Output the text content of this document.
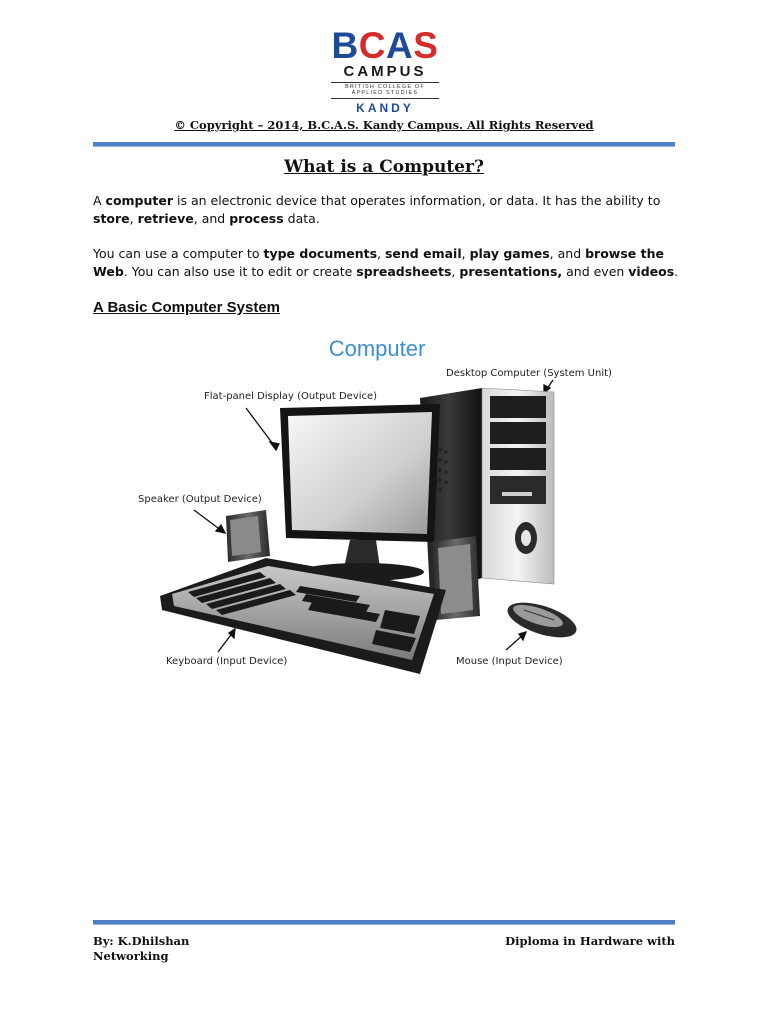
BCAS
CAMPUS
BRITISH COLLEGE OF
APPLIED STUDIES
KANDY
© Copyright – 2014, B.C.A.S. Kandy Campus. All Rights Reserved
What is a Computer?
A computer is an electronic device that operates information, or data. It has the ability to store, retrieve, and process data.
You can use a computer to type documents, send email, play games, and browse the Web. You can also use it to edit or create spreadsheets, presentations, and even videos.
A Basic Computer System
Computer
Desktop Computer (System Unit)
Flat-panel Display (Output Device)
Speaker (Output Device)
Keyboard (Input Device)	Mouse (Input Device)
By: K.Dhilshan
Networking
Diploma in Hardware with
